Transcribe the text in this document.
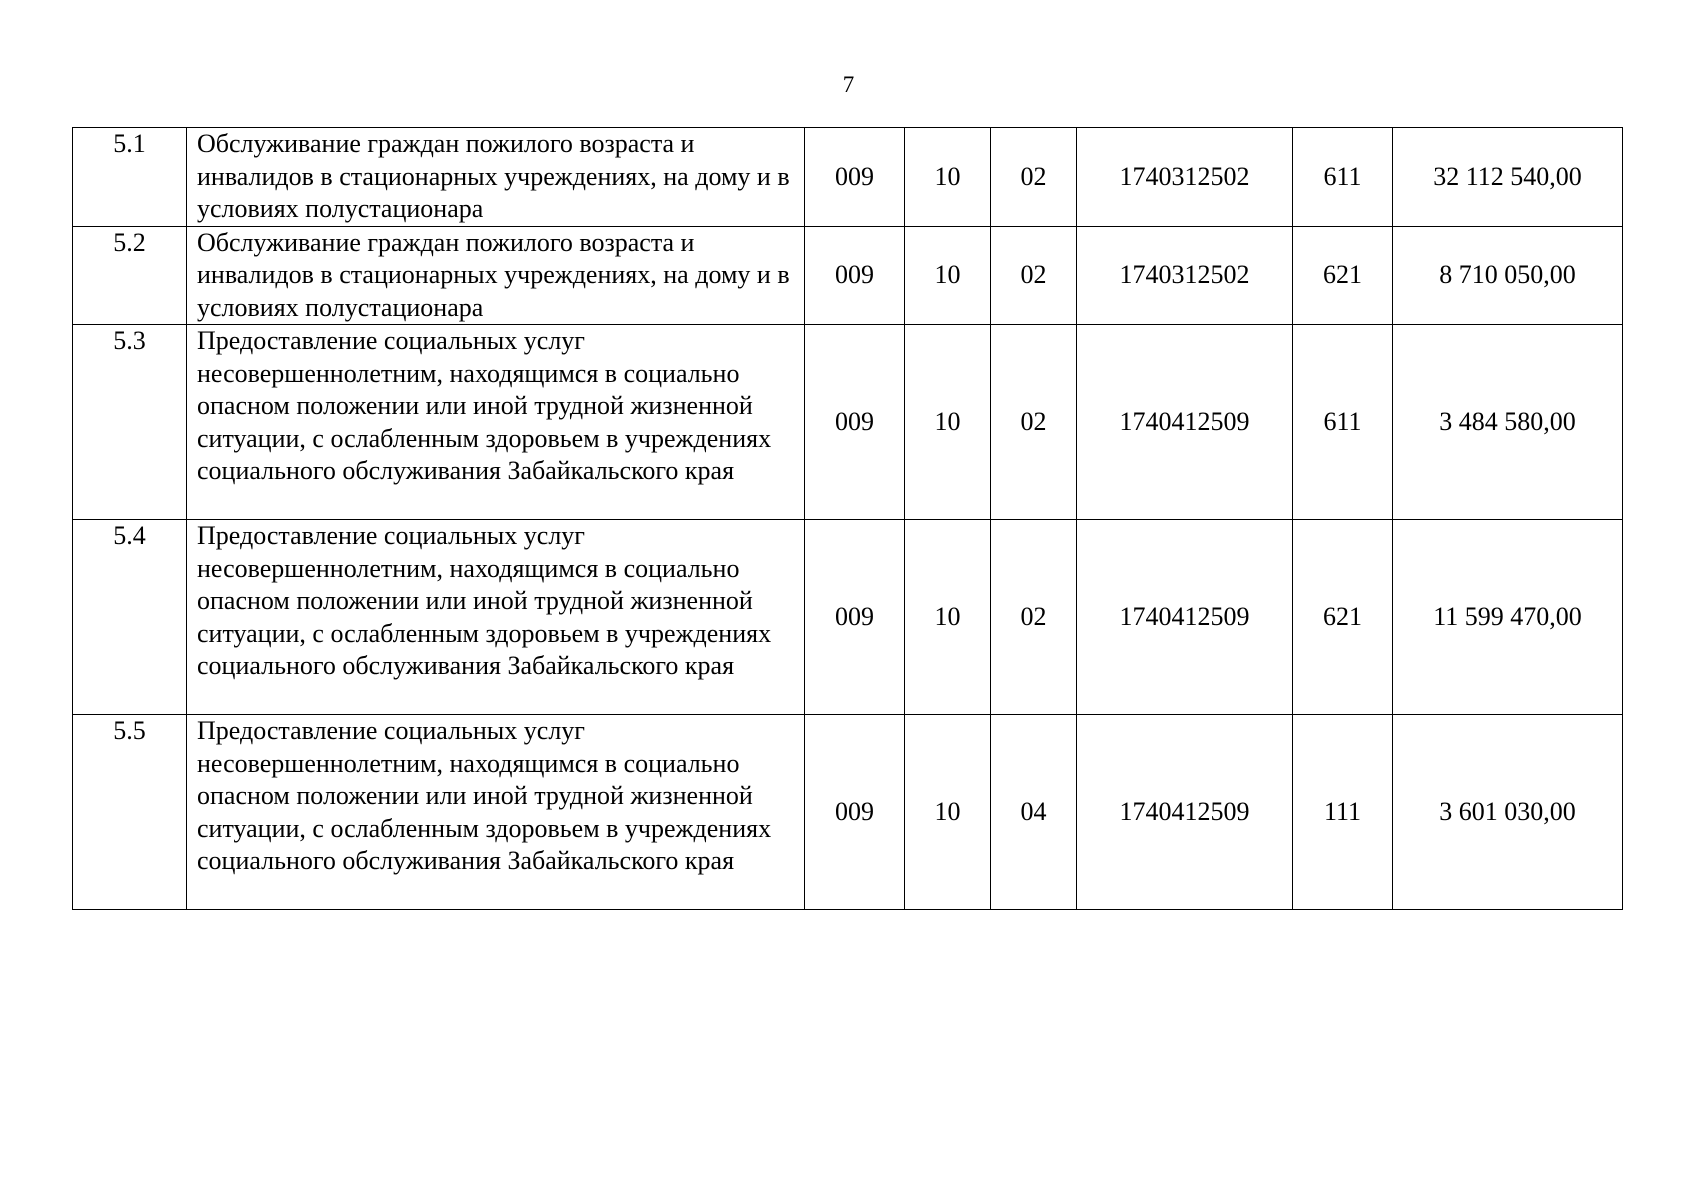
7
5.1	Обслуживание граждан пожилого возраста и инвалидов в стационарных учреждениях, на дому и в условиях полустационара	009	10	02	1740312502	611	32 112 540,00
5.2	Обслуживание граждан пожилого возраста и инвалидов в стационарных учреждениях, на дому и в условиях полустационара	009	10	02	1740312502	621	8 710 050,00
5.3	Предоставление социальных услуг несовершеннолетним, находящимся в социально опасном положении или иной трудной жизненной ситуации, с ослабленным здоровьем в учреждениях социального обслуживания Забайкальского края	009	10	02	1740412509	611	3 484 580,00
5.4	Предоставление социальных услуг несовершеннолетним, находящимся в социально опасном положении или иной трудной жизненной ситуации, с ослабленным здоровьем в учреждениях социального обслуживания Забайкальского края	009	10	02	1740412509	621	11 599 470,00
5.5	Предоставление социальных услуг несовершеннолетним, находящимся в социально опасном положении или иной трудной жизненной ситуации, с ослабленным здоровьем в учреждениях социального обслуживания Забайкальского края	009	10	04	1740412509	111	3 601 030,00
